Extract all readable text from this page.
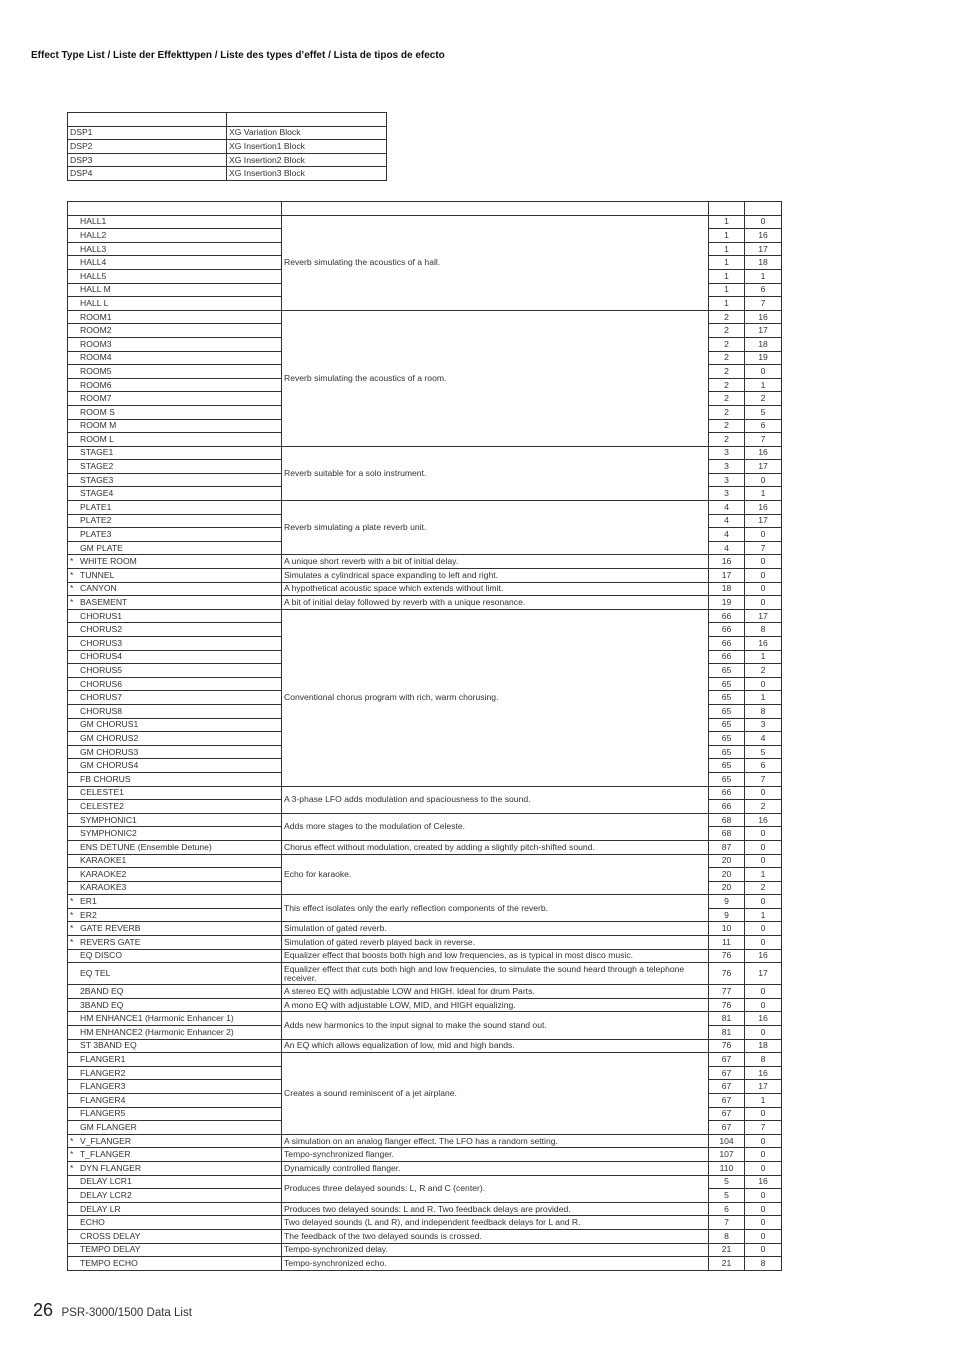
Effect Type List / Liste der Effekttypen / Liste des types d’effet / Lista de tipos de efecto

DSP1	XG Variation Block
DSP2	XG Insertion1 Block
DSP3	XG Insertion2 Block
DSP4	XG Insertion3 Block

HALL1	Reverb simulating the acoustics of a hall.	1	0
HALL2		1	16
HALL3		1	17
HALL4		1	18
HALL5		1	1
HALL M		1	6
HALL L		1	7
ROOM1	Reverb simulating the acoustics of a room.	2	16
ROOM2		2	17
ROOM3		2	18
ROOM4		2	19
ROOM5		2	0
ROOM6		2	1
ROOM7		2	2
ROOM S		2	5
ROOM M		2	6
ROOM L		2	7
STAGE1	Reverb suitable for a solo instrument.	3	16
STAGE2		3	17
STAGE3		3	0
STAGE4		3	1
PLATE1	Reverb simulating a plate reverb unit.	4	16
PLATE2		4	17
PLATE3		4	0
GM PLATE		4	7
* WHITE ROOM	A unique short reverb with a bit of initial delay.	16	0
* TUNNEL	Simulates a cylindrical space expanding to left and right.	17	0
* CANYON	A hypothetical acoustic space which extends without limit.	18	0
* BASEMENT	A bit of initial delay followed by reverb with a unique resonance.	19	0
CHORUS1	Conventional chorus program with rich, warm chorusing.	66	17
CHORUS2		66	8
CHORUS3		66	16
CHORUS4		66	1
CHORUS5		65	2
CHORUS6		65	0
CHORUS7		65	1
CHORUS8		65	8
GM CHORUS1		65	3
GM CHORUS2		65	4
GM CHORUS3		65	5
GM CHORUS4		65	6
FB CHORUS		65	7
CELESTE1	A 3-phase LFO adds modulation and spaciousness to the sound.	66	0
CELESTE2		66	2
SYMPHONIC1	Adds more stages to the modulation of Celeste.	68	16
SYMPHONIC2		68	0
ENS DETUNE (Ensemble Detune)	Chorus effect without modulation, created by adding a slightly pitch-shifted sound.	87	0
KARAOKE1	Echo for karaoke.	20	0
KARAOKE2		20	1
KARAOKE3		20	2
* ER1	This effect isolates only the early reflection components of the reverb.	9	0
* ER2		9	1
* GATE REVERB	Simulation of gated reverb.	10	0
* REVERS GATE	Simulation of gated reverb played back in reverse.	11	0
EQ DISCO	Equalizer effect that boosts both high and low frequencies, as is typical in most disco music.	76	16
EQ TEL	Equalizer effect that cuts both high and low frequencies, to simulate the sound heard through a telephone receiver.	76	17
2BAND EQ	A stereo EQ with adjustable LOW and HIGH. Ideal for drum Parts.	77	0
3BAND EQ	A mono EQ with adjustable LOW, MID, and HIGH equalizing.	76	0
HM ENHANCE1 (Harmonic Enhancer 1)	Adds new harmonics to the input signal to make the sound stand out.	81	16
HM ENHANCE2 (Harmonic Enhancer 2)		81	0
ST 3BAND EQ	An EQ which allows equalization of low, mid and high bands.	76	18
FLANGER1	Creates a sound reminiscent of a jet airplane.	67	8
FLANGER2		67	16
FLANGER3		67	17
FLANGER4		67	1
FLANGER5		67	0
GM FLANGER		67	7
* V_FLANGER	A simulation on an analog flanger effect. The LFO has a random setting.	104	0
* T_FLANGER	Tempo-synchronized flanger.	107	0
* DYN FLANGER	Dynamically controlled flanger.	110	0
DELAY LCR1	Produces three delayed sounds: L, R and C (center).	5	16
DELAY LCR2		5	0
DELAY LR	Produces two delayed sounds: L and R. Two feedback delays are provided.	6	0
ECHO	Two delayed sounds (L and R), and independent feedback delays for L and R.	7	0
CROSS DELAY	The feedback of the two delayed sounds is crossed.	8	0
TEMPO DELAY	Tempo-synchronized delay.	21	0
TEMPO ECHO	Tempo-synchronized echo.	21	8
26 PSR-3000/1500 Data List
